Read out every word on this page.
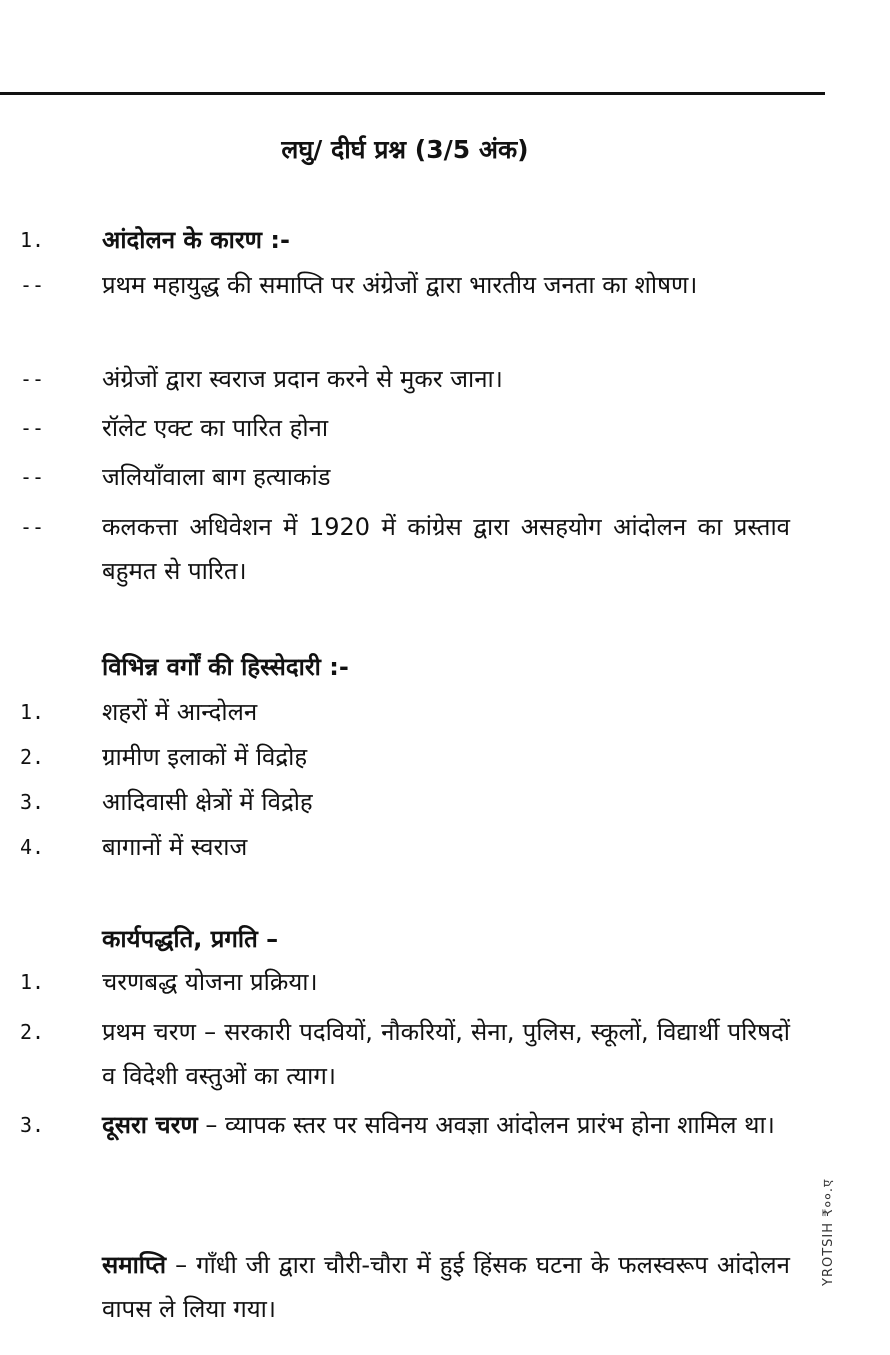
लघु/ दीर्घ प्रश्न (3/5 अंक)
1. आंदोलन के कारण :-
-- प्रथम महायुद्ध की समाप्ति पर अंग्रेजों द्वारा भारतीय जनता का शोषण।
-- अंग्रेजों द्वारा स्वराज प्रदान करने से मुकर जाना।
-- रॉलेट एक्ट का पारित होना
-- जलियाँवाला बाग हत्याकांड
-- कलकत्ता अधिवेशन में 1920 में कांग्रेस द्वारा असहयोग आंदोलन का प्रस्ताव बहुमत से पारित।
विभिन्न वर्गों की हिस्सेदारी :-
1. शहरों में आन्दोलन
2. ग्रामीण इलाकों में विद्रोह
3. आदिवासी क्षेत्रों में विद्रोह
4. बागानों में स्वराज
कार्यपद्धति, प्रगति –
1. चरणबद्ध योजना प्रक्रिया।
2. प्रथम चरण – सरकारी पदवियों, नौकरियों, सेना, पुलिस, स्कूलों, विद्यार्थी परिषदों व विदेशी वस्तुओं का त्याग।
3. दूसरा चरण – व्यापक स्तर पर सविनय अवज्ञा आंदोलन प्रारंभ होना शामिल था।
समाप्ति – गाँधी जी द्वारा चौरी-चौरा में हुई हिंसक घटना के फलस्वरूप आंदोलन वापस ले लिया गया।
YROTSIH ₹००.ए
